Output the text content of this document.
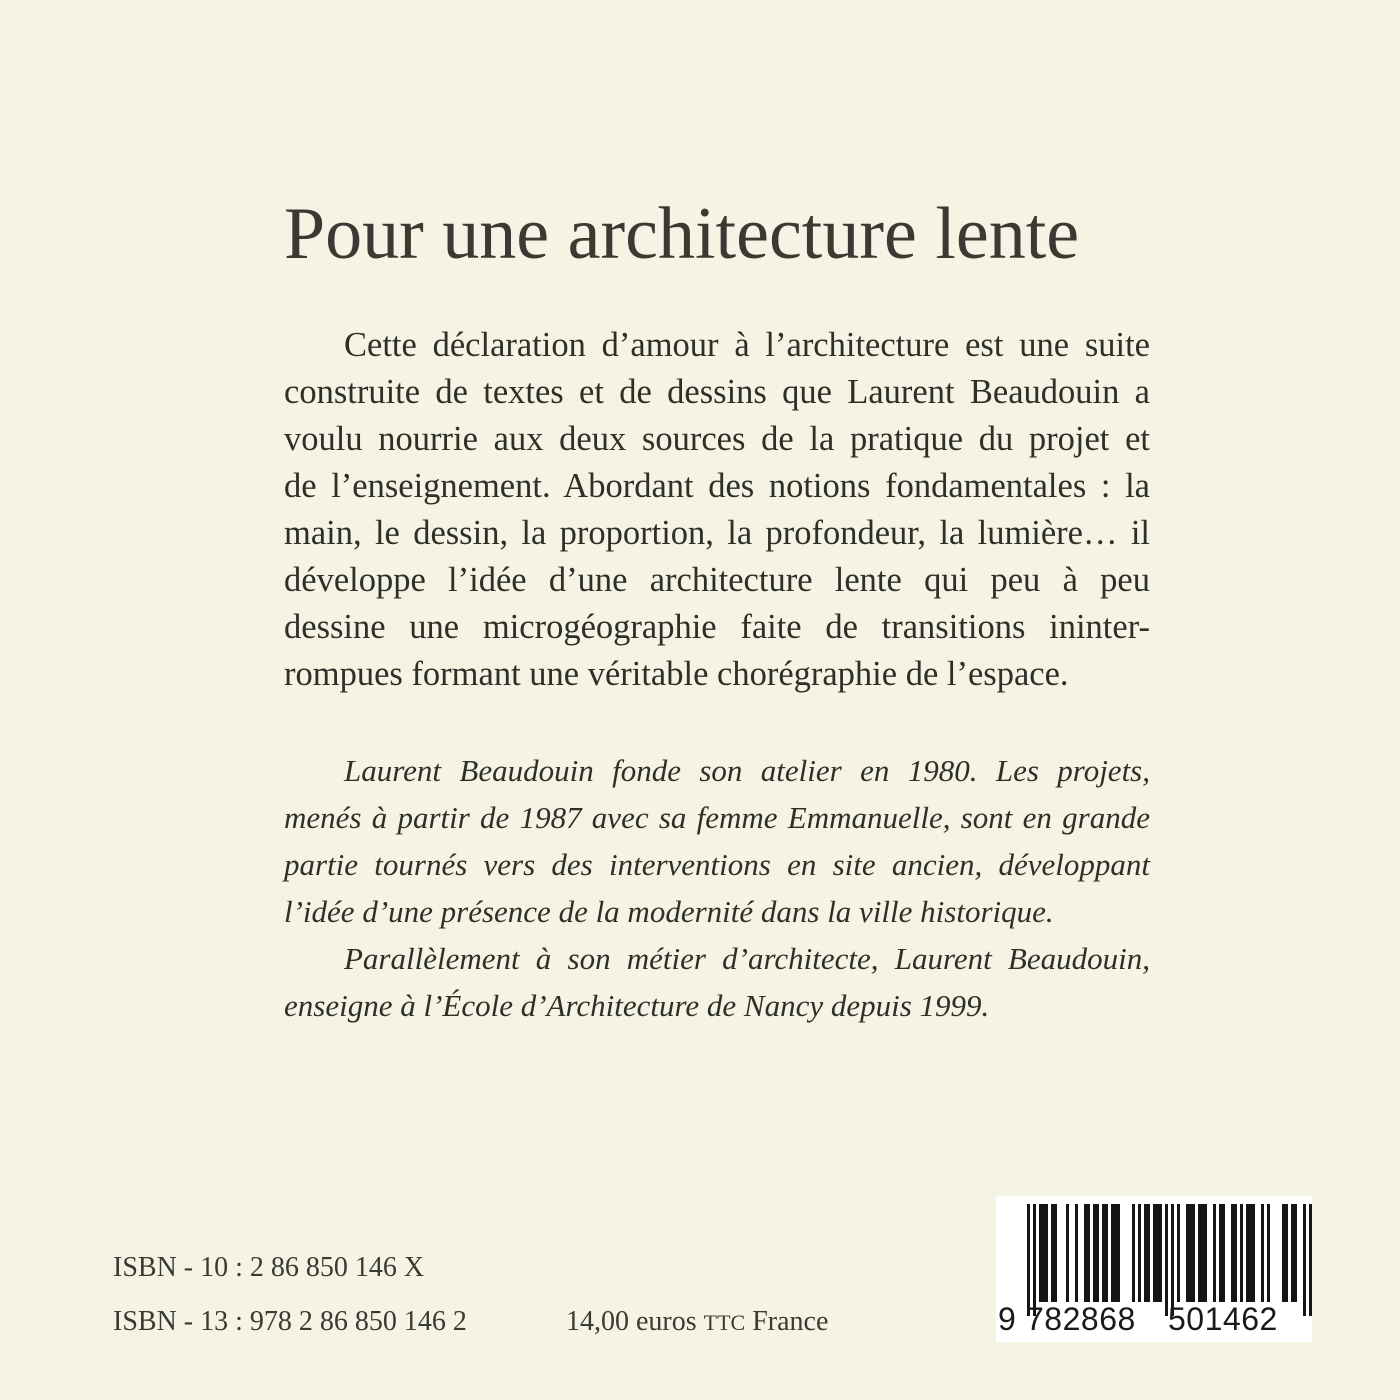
Pour une architecture lente
Cette déclaration d’amour à l’architecture est une suite
construite de textes et de dessins que Laurent Beaudouin a
voulu nourrie aux deux sources de la pratique du projet et
de l’enseignement. Abordant des notions fondamentales : la
main, le dessin, la proportion, la profondeur, la lumière… il
développe l’idée d’une architecture lente qui peu à peu
dessine une microgéographie faite de transitions ininter-
rompues formant une véritable chorégraphie de l’espace.
Laurent Beaudouin fonde son atelier en 1980. Les projets,
menés à partir de 1987 avec sa femme Emmanuelle, sont en grande
partie tournés vers des interventions en site ancien, développant
l’idée d’une présence de la modernité dans la ville historique.
Parallèlement à son métier d’architecte, Laurent Beaudouin,
enseigne à l’École d’Architecture de Nancy depuis 1999.
ISBN - 10 : 2 86 850 146 X
ISBN - 13 : 978 2 86 850 146 2	14,00 euros TTC France	9 782868 501462
